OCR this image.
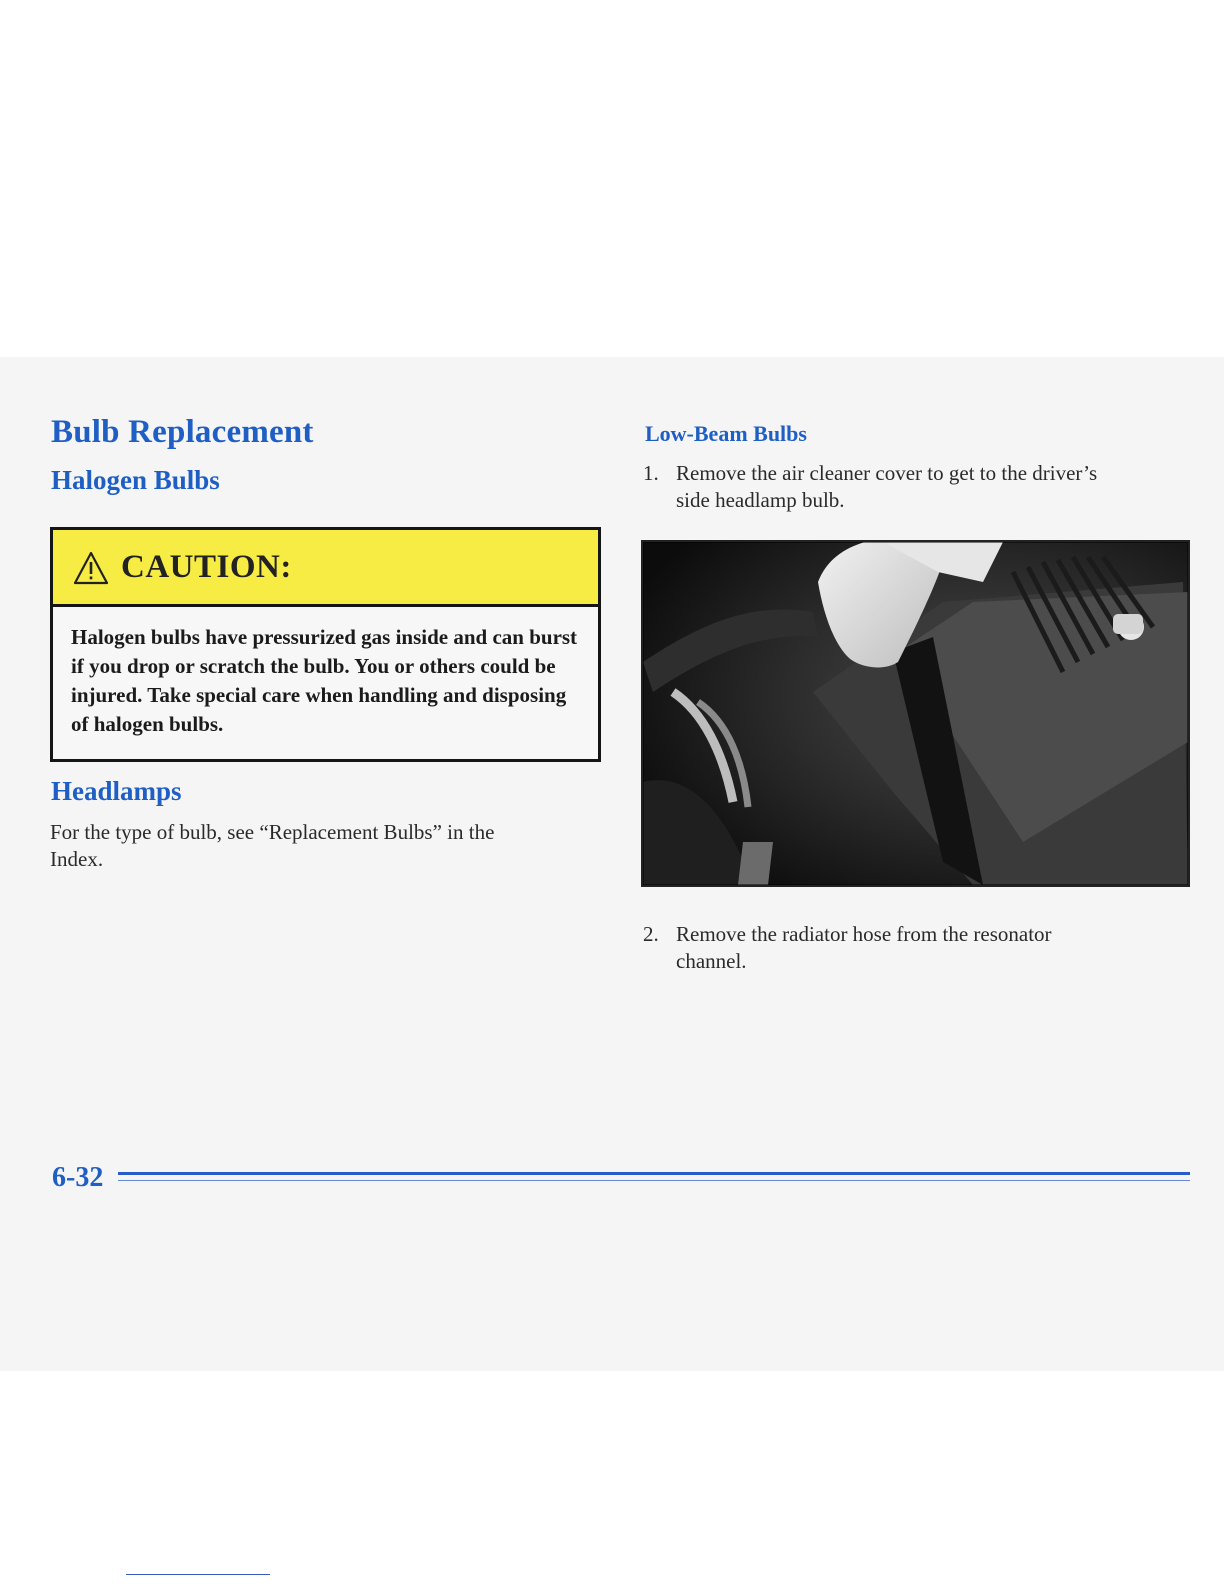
Bulb Replacement
Halogen Bulbs
CAUTION:
Halogen bulbs have pressurized gas inside and can burst if you drop or scratch the bulb. You or others could be injured. Take special care when handling and disposing of halogen bulbs.
Headlamps

For the type of bulb, see “Replacement Bulbs” in the Index.

Low-Beam Bulbs
1. Remove the air cleaner cover to get to the driver’s
side headlamp bulb.
2. Remove the radiator hose from the resonator
channel.
6-32
